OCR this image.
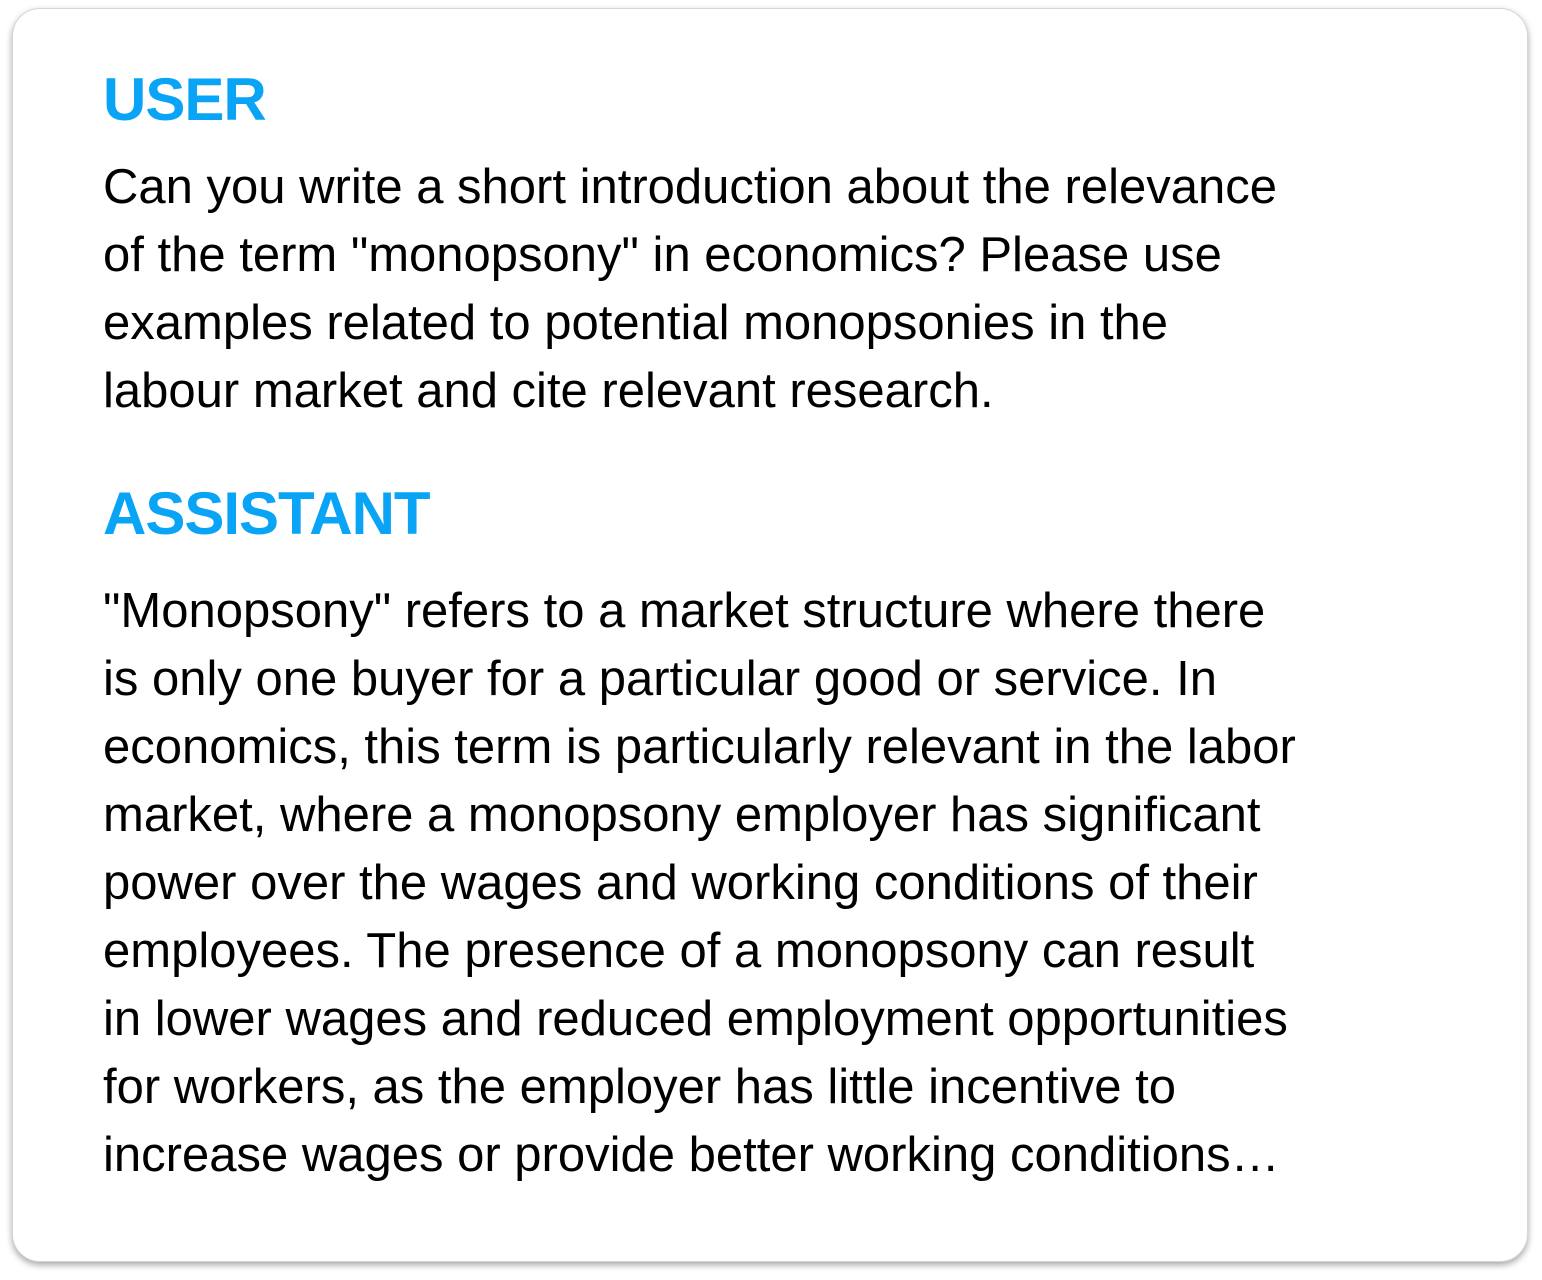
USER
Can you write a short introduction about the relevance
of the term "monopsony" in economics? Please use
examples related to potential monopsonies in the
labour market and cite relevant research.
ASSISTANT
"Monopsony" refers to a market structure where there
is only one buyer for a particular good or service. In
economics, this term is particularly relevant in the labor
market, where a monopsony employer has significant
power over the wages and working conditions of their
employees. The presence of a monopsony can result
in lower wages and reduced employment opportunities
for workers, as the employer has little incentive to
increase wages or provide better working conditions…
